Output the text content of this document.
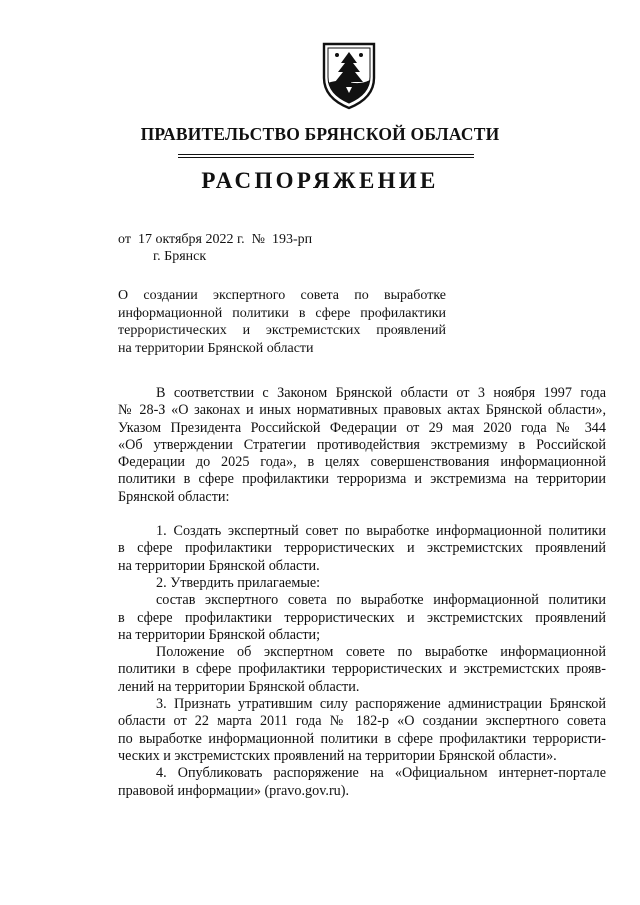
ПРАВИТЕЛЬСТВО БРЯНСКОЙ ОБЛАСТИ
РАСПОРЯЖЕНИЕ
от 17 октября 2022 г. № 193-рп
г. Брянск
О создании экспертного совета по выработке
информационной политики в сфере профилактики
террористических и экстремистских проявлений
на территории Брянской области
В соответствии с Законом Брянской области от 3 ноября 1997 года
№ 28-З «О законах и иных нормативных правовых актах Брянской области»,
Указом Президента Российской Федерации от 29 мая 2020 года № 344
«Об утверждении Стратегии противодействия экстремизму в Российской
Федерации до 2025 года», в целях совершенствования информационной
политики в сфере профилактики терроризма и экстремизма на территории
Брянской области:
1. Создать экспертный совет по выработке информационной политики
в сфере профилактики террористических и экстремистских проявлений
на территории Брянской области.
2. Утвердить прилагаемые:
состав экспертного совета по выработке информационной политики
в сфере профилактики террористических и экстремистских проявлений
на территории Брянской области;
Положение об экспертном совете по выработке информационной
политики в сфере профилактики террористических и экстремистских прояв-
лений на территории Брянской области.
3. Признать утратившим силу распоряжение администрации Брянской
области от 22 марта 2011 года № 182-р «О создании экспертного совета
по выработке информационной политики в сфере профилактики террористи-
ческих и экстремистских проявлений на территории Брянской области».
4. Опубликовать распоряжение на «Официальном интернет-портале
правовой информации» (pravo.gov.ru).
